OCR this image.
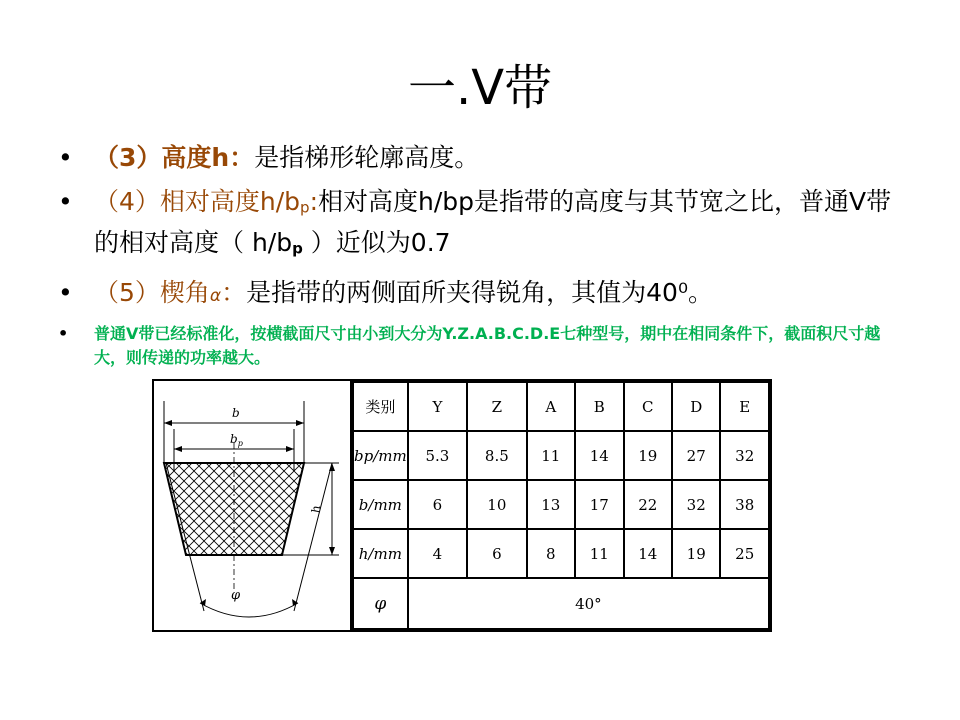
一.V带
• （3）高度h：是指梯形轮廓高度。
• （4）相对高度$h/b_p$:相对高度h/bp是指带的高度与其节宽之比，普通V带的相对高度（ $h/b_p$ ）近似为0.7
• （5）楔角α：是指带的两侧面所夹得锐角，其值为40⁰。
• 普通V带已经标准化，按横截面尺寸由小到大分为Y.Z.A.B.C.D.E七种型号，期中在相同条件下，截面积尺寸越大，则传递的功率越大。
b
$b_p$
h
φ
类别	Y	Z	A	B	C	D	E
bp/mm	5.3	8.5	11	14	19	27	32
b/mm	6	10	13	17	22	32	38
h/mm	4	6	8	11	14	19	25
φ	40°						
